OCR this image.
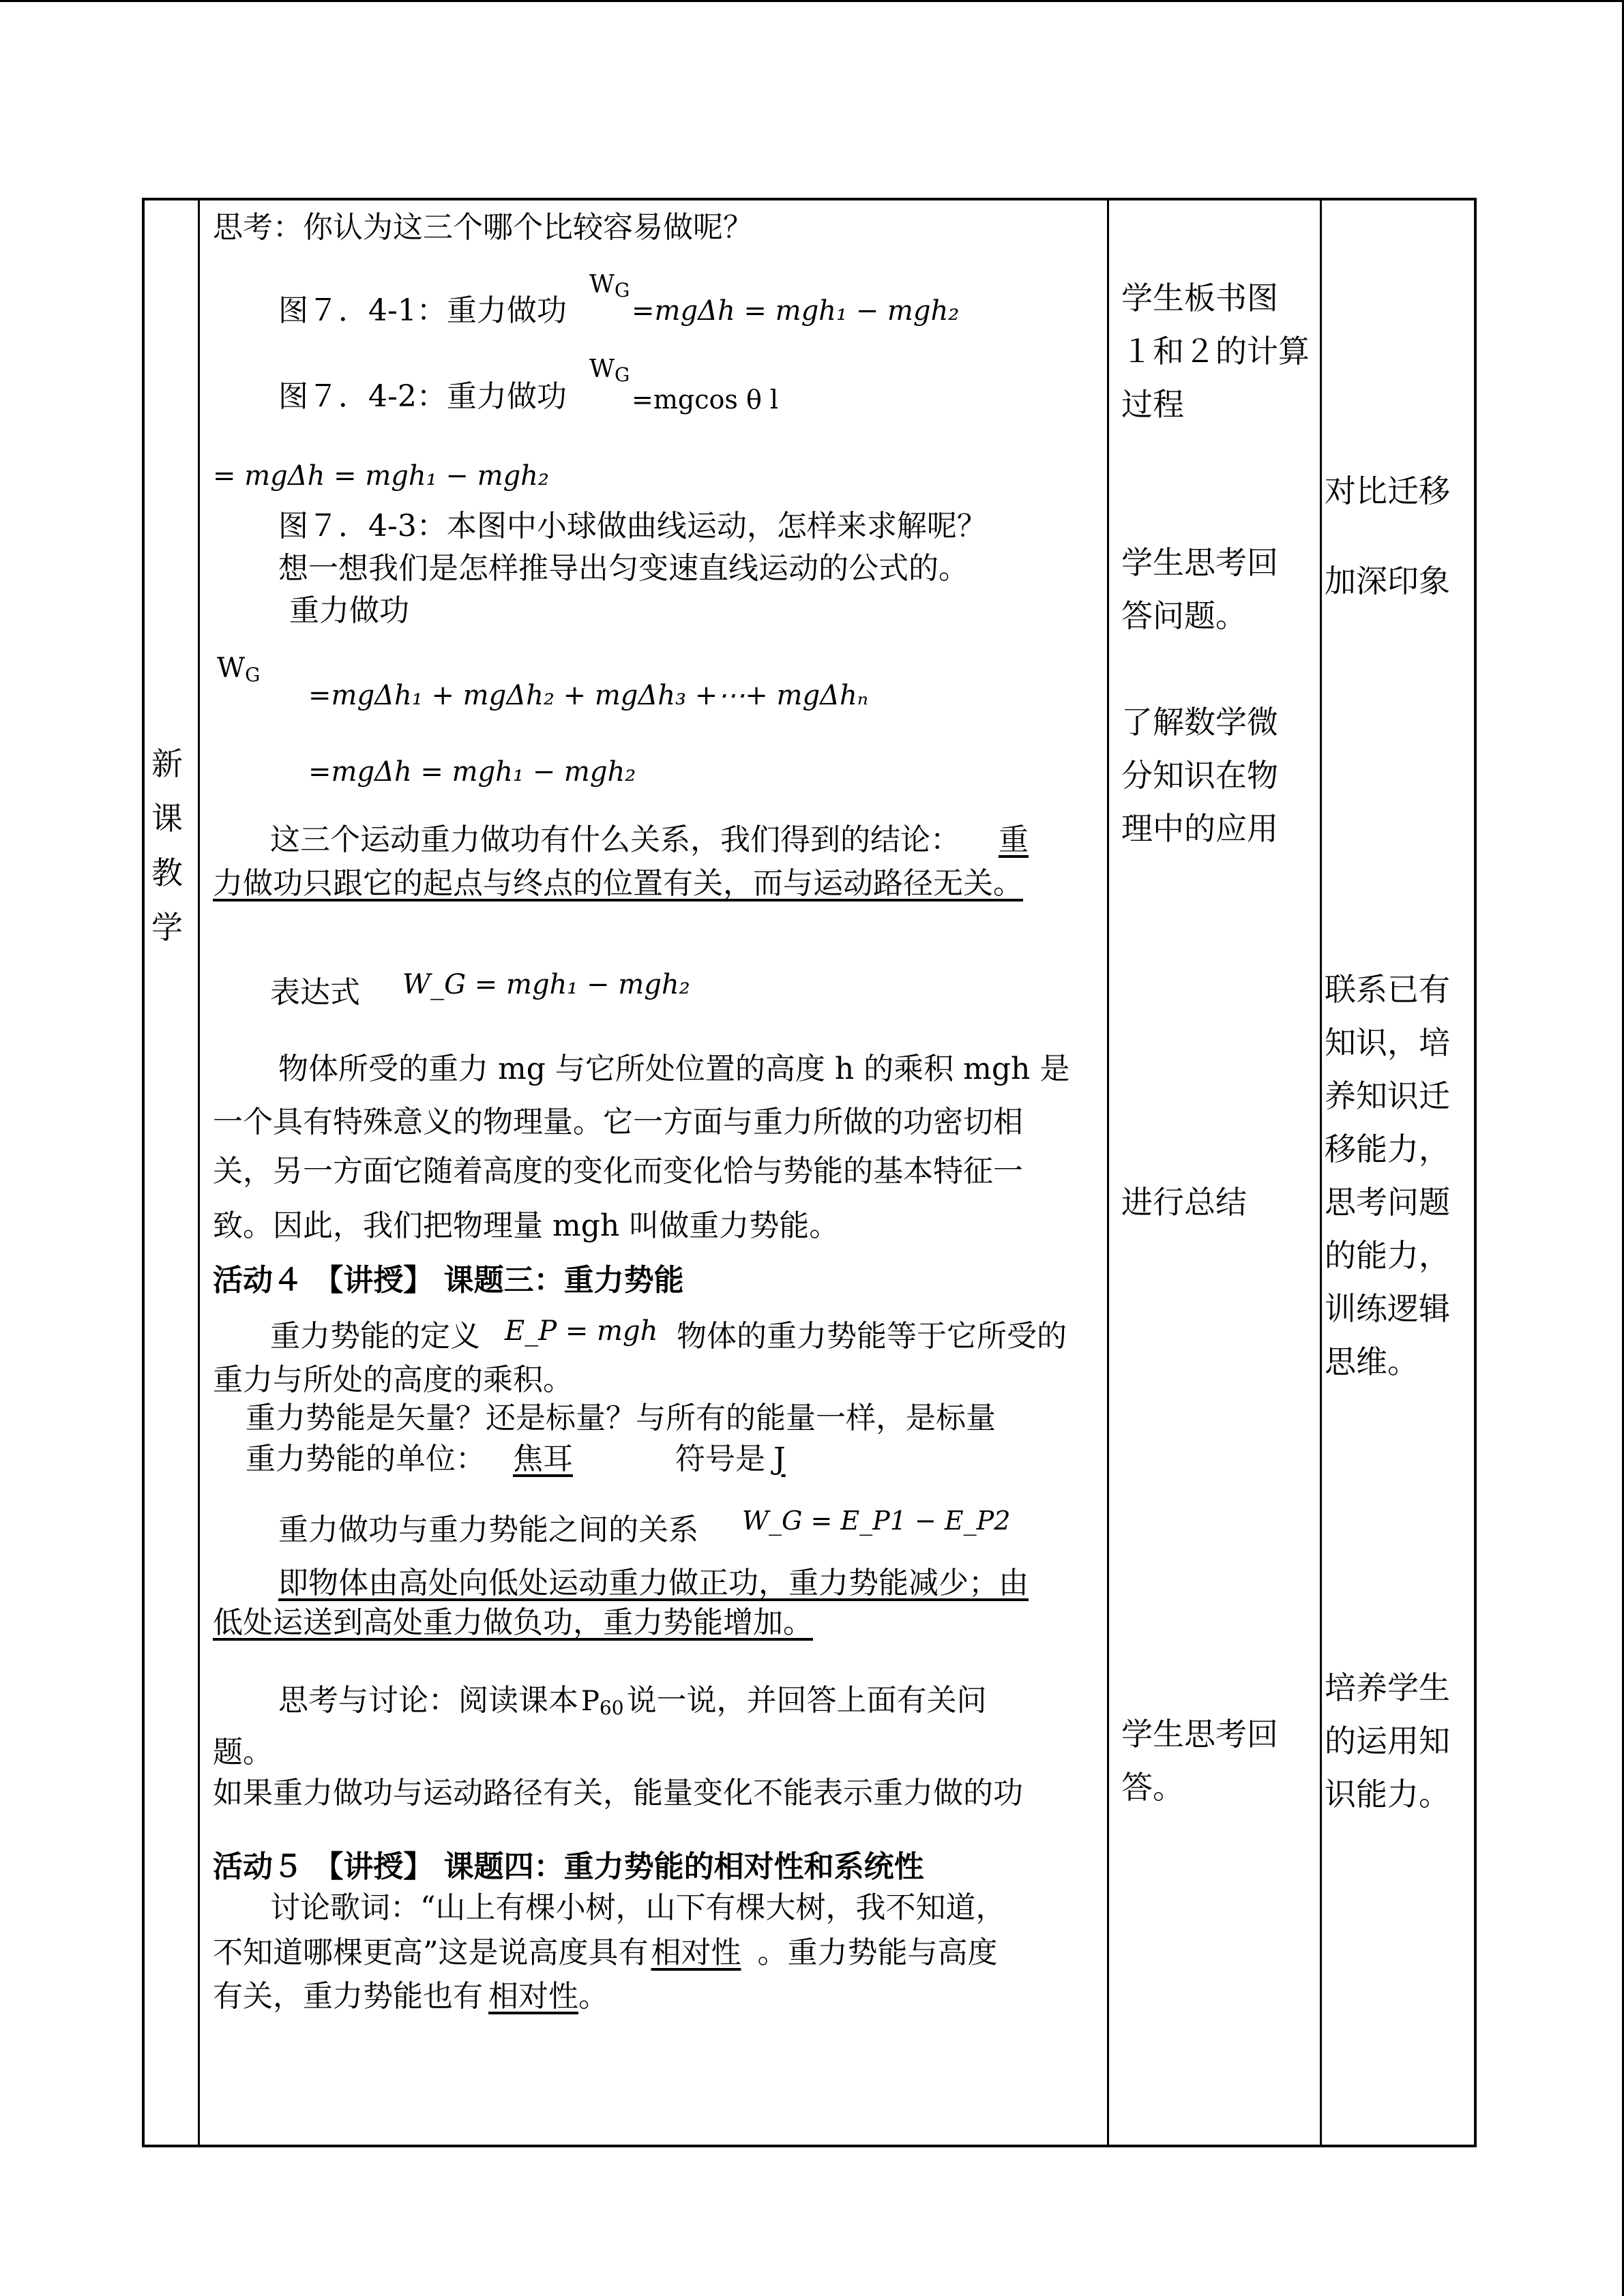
新
课
教
学
思考：你认为这三个哪个比较容易做呢？
图７．4-1：重力做功
$W_G$
=mgΔh = mgh₁ − mgh₂
图７．4-2：重力做功
$W_G$
=mgcos θ l
= mgΔh = mgh₁ − mgh₂
图７．4-3：本图中小球做曲线运动，怎样来求解呢？
想一想我们是怎样推导出匀变速直线运动的公式的。
重力做功
$W_G$
=mgΔh₁ + mgΔh₂ + mgΔh₃ +⋯+ mgΔhₙ
=mgΔh = mgh₁ − mgh₂
这三个运动重力做功有什么关系，我们得到的结论： 重
力做功只跟它的起点与终点的位置有关，而与运动路径无关。
表达式 W_G = mgh₁ − mgh₂
物体所受的重力 mg 与它所处位置的高度 h 的乘积 mgh 是
一个具有特殊意义的物理量。它一方面与重力所做的功密切相
关，另一方面它随着高度的变化而变化恰与势能的基本特征一
致。因此，我们把物理量 mgh 叫做重力势能。
活动４ 【讲授】 课题三：重力势能
重力势能的定义 E_P = mgh 物体的重力势能等于它所受的
重力与所处的高度的乘积。
重力势能是矢量？还是标量？与所有的能量一样，是标量
重力势能的单位： 焦耳	符号是 J
重力做功与重力势能之间的关系 W_G = E_P1 − E_P2
即物体由高处向低处运动重力做正功，重力势能减少；由
低处运送到高处重力做负功，重力势能增加。
思考与讨论：阅读课本 $P_{60}$说一说，并回答上面有关问
题。
如果重力做功与运动路径有关，能量变化不能表示重力做的功
活动５ 【讲授】 课题四：重力势能的相对性和系统性
讨论歌词：“山上有棵小树，山下有棵大树，我不知道，
不知道哪棵更高”这是说高度具有相对性 。重力势能与高度
有关，重力势能也有 相对性。
学生板书图
１和２的计算
过程
学生思考回
答问题。
了解数学微
分知识在物
理中的应用
进行总结
学生思考回
答。
对比迁移
加深印象
联系已有
知识，培
养知识迁
移能力，
思考问题
的能力，
训练逻辑
思维。
培养学生
的运用知
识能力。
